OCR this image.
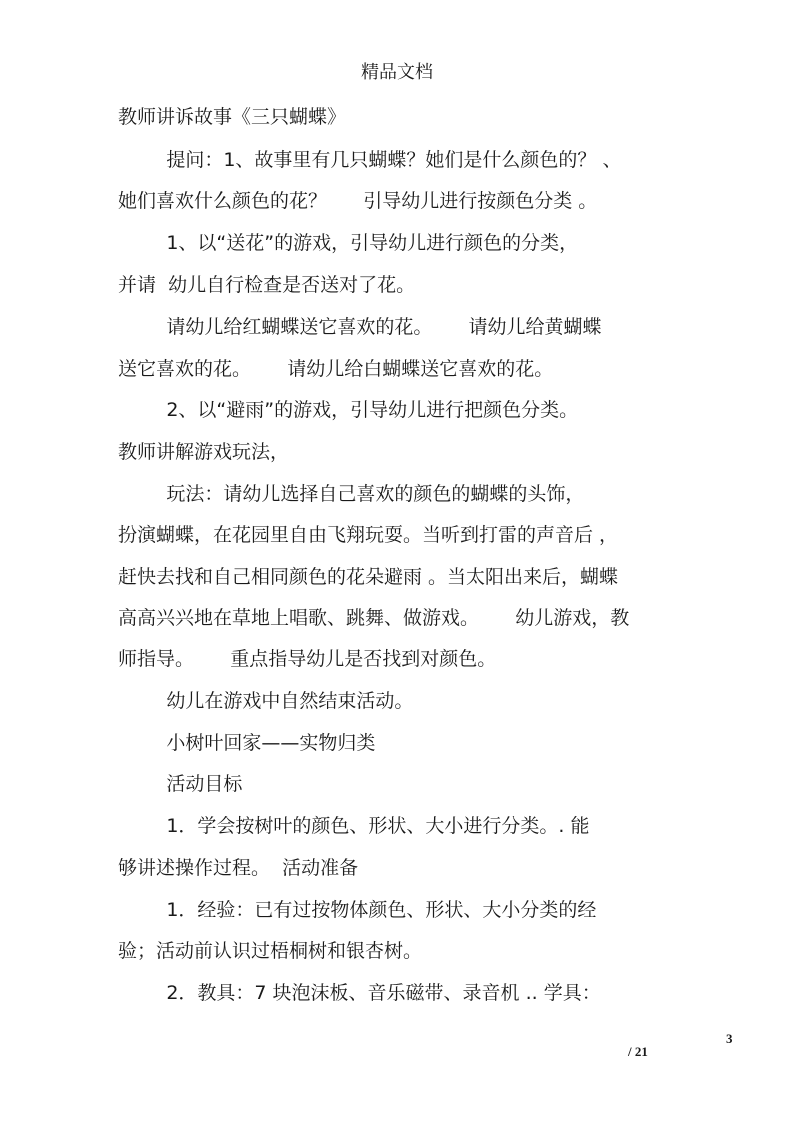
精品文档
教师讲诉故事《三只蝴蝶》
提问：1、故事里有几只蝴蝶？她们是什么颜色的？ 、
她们喜欢什么颜色的花？      引导幼儿进行按颜色分类 。
1、以“送花”的游戏，引导幼儿进行颜色的分类，
并请  幼儿自行检查是否送对了花。
请幼儿给红蝴蝶送它喜欢的花。      请幼儿给黄蝴蝶
送它喜欢的花。      请幼儿给白蝴蝶送它喜欢的花。
2、以“避雨”的游戏，引导幼儿进行把颜色分类。
教师讲解游戏玩法，
玩法：请幼儿选择自己喜欢的颜色的蝴蝶的头饰，
扮演蝴蝶，在花园里自由飞翔玩耍。当听到打雷的声音后 ，
赶快去找和自己相同颜色的花朵避雨 。当太阳出来后，蝴蝶
高高兴兴地在草地上唱歌、跳舞、做游戏。      幼儿游戏，教
师指导。      重点指导幼儿是否找到对颜色。
幼儿在游戏中自然结束活动。
小树叶回家——实物归类
活动目标
1．学会按树叶的颜色、形状、大小进行分类。. 能
够讲述操作过程。  活动准备
1．经验：已有过按物体颜色、形状、大小分类的经
验；活动前认识过梧桐树和银杏树。
2．教具：7 块泡沫板、音乐磁带、录音机 .. 学具：
3
/ 21
